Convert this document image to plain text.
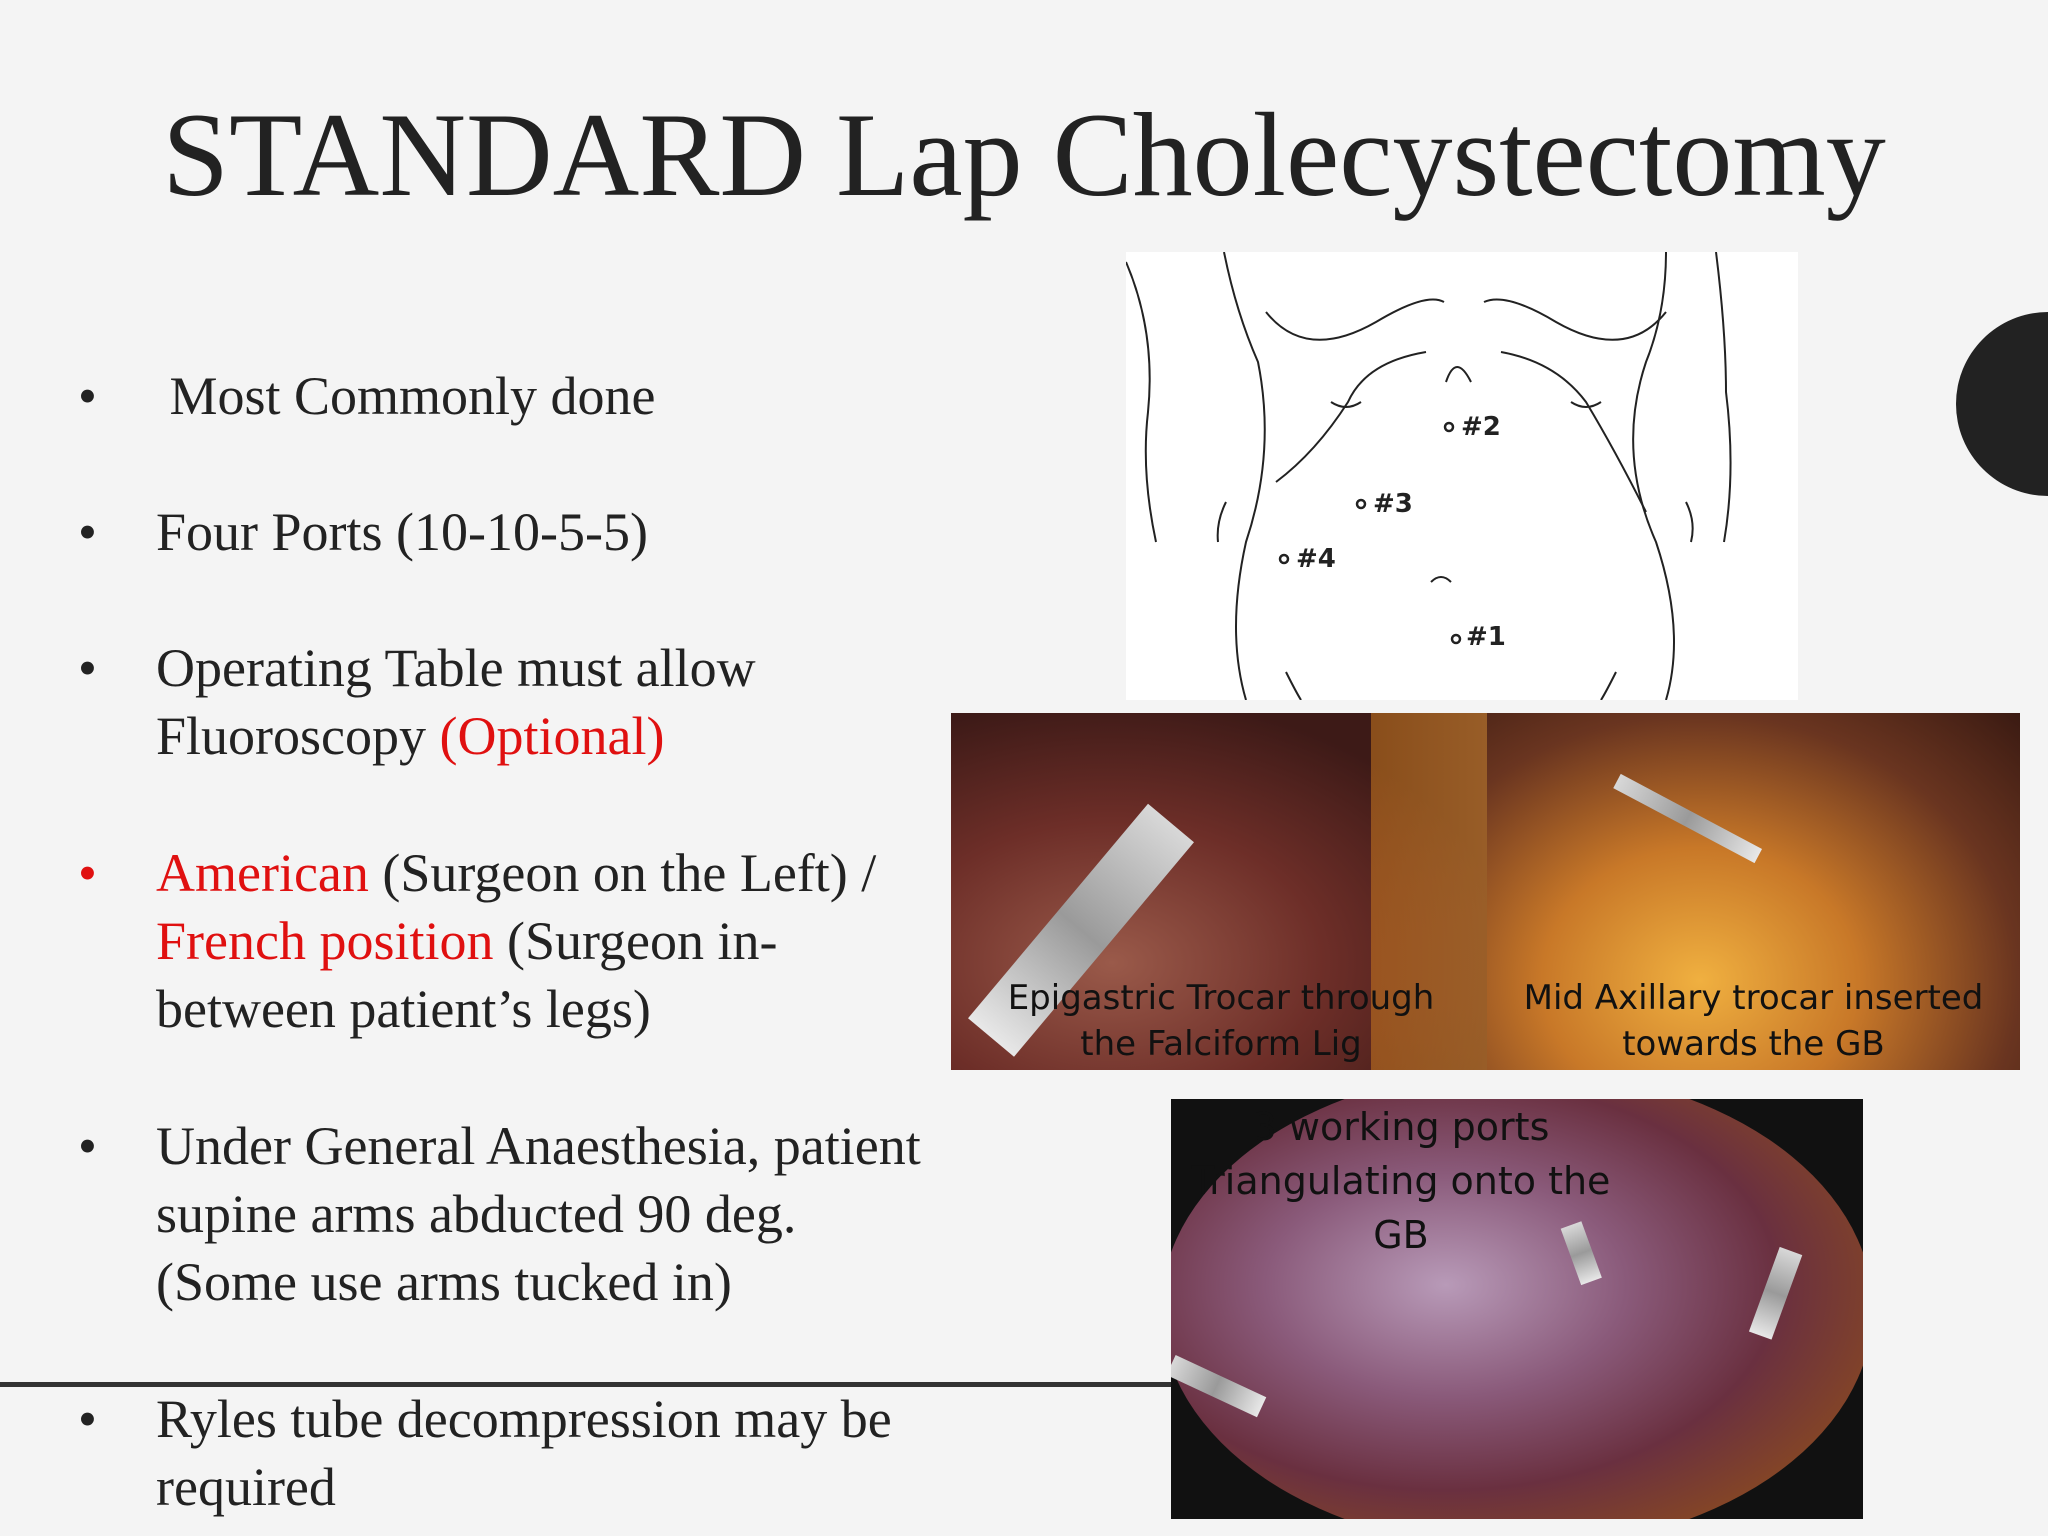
STANDARD Lap Cholecystectomy
•	Most Commonly done
•	Four Ports (10-10-5-5)
•	Operating Table must allow
Fluoroscopy (Optional)
•	American (Surgeon on the Left) /
French position (Surgeon in-
between patient’s legs)
•	Under General Anaesthesia, patient
supine arms abducted 90 deg.
(Some use arms tucked in)
•	Ryles tube decompression may be
required
#1
#2
#3
#4
Epigastric Trocar through
the Falciform Lig
Mid Axillary trocar inserted
towards the GB
3 working ports
Triangulating onto the
GB
